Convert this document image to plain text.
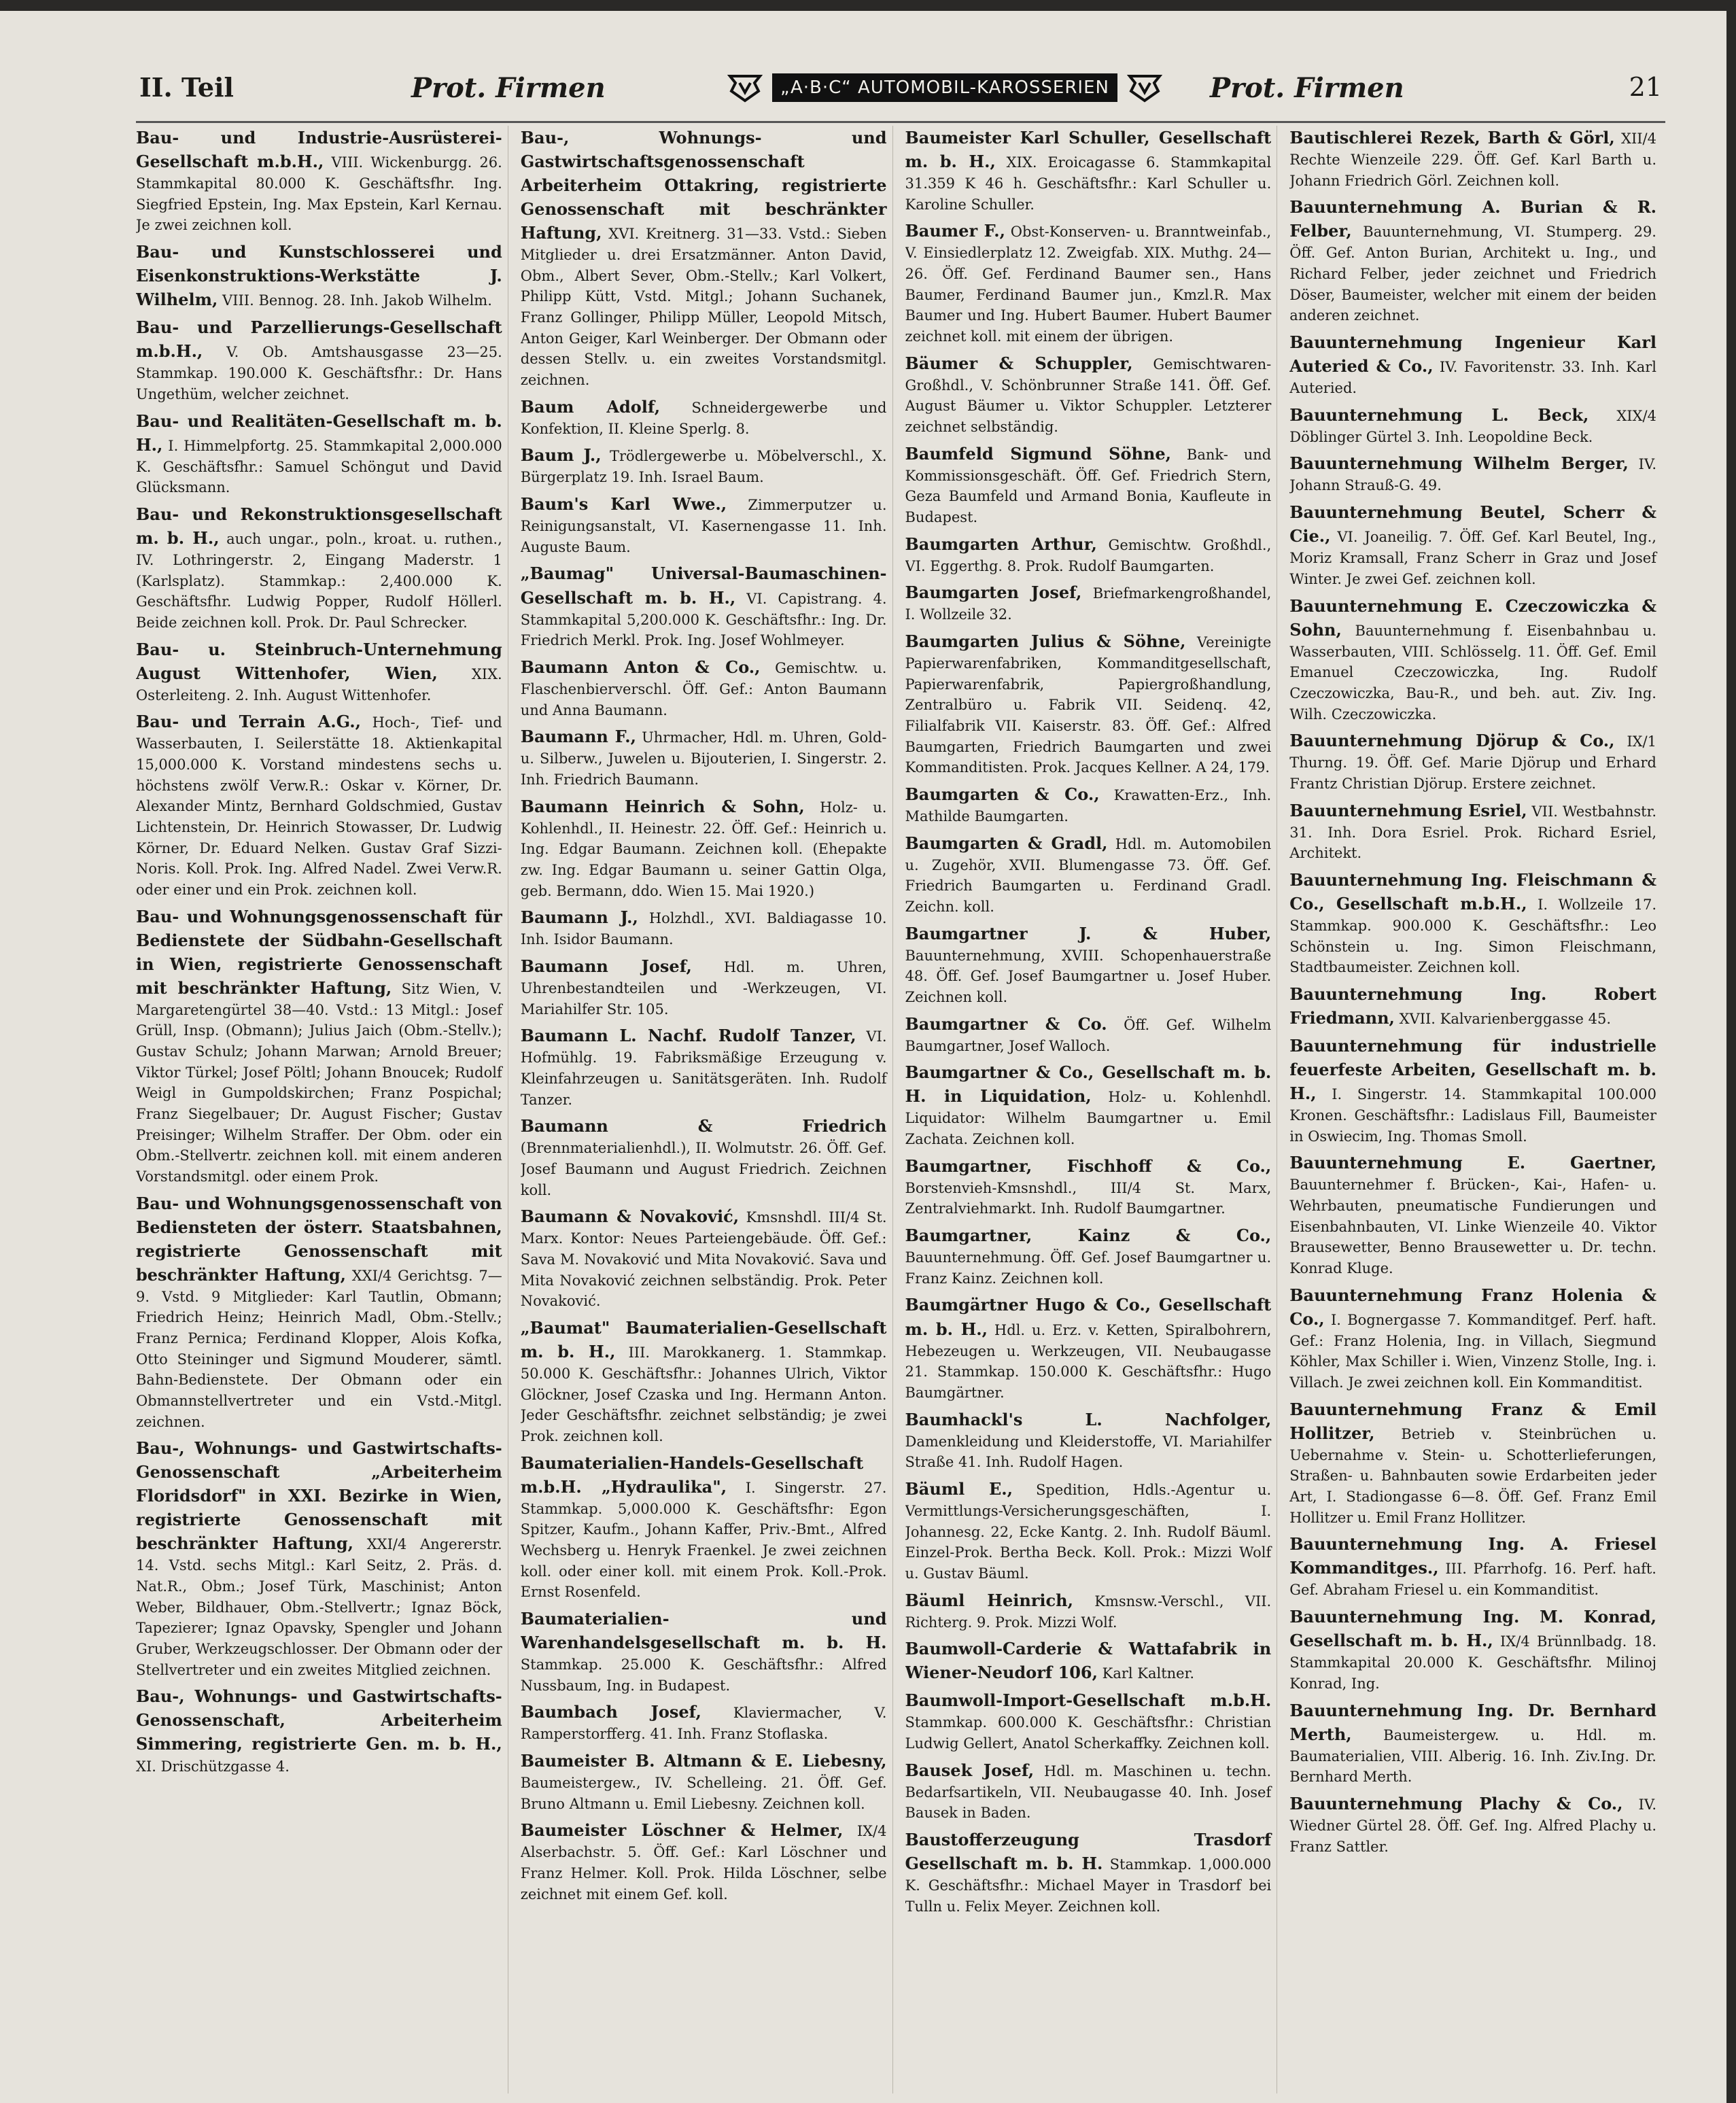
II. Teil	Prot. Firmen	„A·B·C“ AUTOMOBIL-KAROSSERIEN	Prot. Firmen	21

Bau- und Industrie-Ausrüsterei-Gesellschaft m.b.H., VIII. Wickenburgg. 26. Stammkapital 80.000 K. Geschäftsfhr. Ing. Siegfried Epstein, Ing. Max Epstein, Karl Kernau. Je zwei zeichnen koll.

Bau- und Kunstschlosserei und Eisenkonstruktions-Werkstätte J. Wilhelm, VIII. Bennog. 28. Inh. Jakob Wilhelm.

Bau- und Parzellierungs-Gesellschaft m.b.H., V. Ob. Amtshausgasse 23—25. Stammkap. 190.000 K. Geschäftsfhr.: Dr. Hans Ungethüm, welcher zeichnet.

Bau- und Realitäten-Gesellschaft m. b. H., I. Himmelpfortg. 25. Stammkapital 2,000.000 K. Geschäftsfhr.: Samuel Schöngut und David Glücksmann.

Bau- und Rekonstruktionsgesellschaft m. b. H., auch ungar., poln., kroat. u. ruthen., IV. Lothringerstr. 2, Eingang Maderstr. 1 (Karlsplatz). Stammkap.: 2,400.000 K. Geschäftsfhr. Ludwig Popper, Rudolf Höllerl. Beide zeichnen koll. Prok. Dr. Paul Schrecker.

Bau- u. Steinbruch-Unternehmung August Wittenhofer, Wien, XIX. Osterleiteng. 2. Inh. August Wittenhofer.

Bau- und Terrain A.G., Hoch-, Tief- und Wasserbauten, I. Seilerstätte 18. Aktienkapital 15,000.000 K. Vorstand mindestens sechs u. höchstens zwölf Verw.R.: Oskar v. Körner, Dr. Alexander Mintz, Bernhard Goldschmied, Gustav Lichtenstein, Dr. Heinrich Stowasser, Dr. Ludwig Körner, Dr. Eduard Nelken. Gustav Graf Sizzi-Noris. Koll. Prok. Ing. Alfred Nadel. Zwei Verw.R. oder einer und ein Prok. zeichnen koll.

Bau- und Wohnungsgenossenschaft für Bedienstete der Südbahn-Gesellschaft in Wien, registrierte Genossenschaft mit beschränkter Haftung, Sitz Wien, V. Margaretengürtel 38—40. Vstd.: 13 Mitgl.: Josef Grüll, Insp. (Obmann); Julius Jaich (Obm.-Stellv.); Gustav Schulz; Johann Marwan; Arnold Breuer; Viktor Türkel; Josef Pöltl; Johann Bnoucek; Rudolf Weigl in Gumpoldskirchen; Franz Pospichal; Franz Siegelbauer; Dr. August Fischer; Gustav Preisinger; Wilhelm Straffer. Der Obm. oder ein Obm.-Stellvertr. zeichnen koll. mit einem anderen Vorstandsmitgl. oder einem Prok.

Bau- und Wohnungsgenossenschaft von Bediensteten der österr. Staatsbahnen, registrierte Genossenschaft mit beschränkter Haftung, XXI/4 Gerichtsg. 7—9. Vstd. 9 Mitglieder: Karl Tautlin, Obmann; Friedrich Heinz; Heinrich Madl, Obm.-Stellv.; Franz Pernica; Ferdinand Klopper, Alois Kofka, Otto Steininger und Sigmund Mouderer, sämtl. Bahn-Bedienstete. Der Obmann oder ein Obmannstellvertreter und ein Vstd.-Mitgl. zeichnen.

Bau-, Wohnungs- und Gastwirtschafts-Genossenschaft „Arbeiterheim Floridsdorf" in XXI. Bezirke in Wien, registrierte Genossenschaft mit beschränkter Haftung, XXI/4 Angererstr. 14. Vstd. sechs Mitgl.: Karl Seitz, 2. Präs. d. Nat.R., Obm.; Josef Türk, Maschinist; Anton Weber, Bildhauer, Obm.-Stellvertr.; Ignaz Böck, Tapezierer; Ignaz Opavsky, Spengler und Johann Gruber, Werkzeugschlosser. Der Obmann oder der Stellvertreter und ein zweites Mitglied zeichnen.

Bau-, Wohnungs- und Gastwirtschafts-Genossenschaft, Arbeiterheim Simmering, registrierte Gen. m. b. H., XI. Drischützgasse 4.

Bau-, Wohnungs- und Gastwirtschaftsgenossenschaft Arbeiterheim Ottakring, registrierte Genossenschaft mit beschränkter Haftung, XVI. Kreitnerg. 31—33. Vstd.: Sieben Mitglieder u. drei Ersatzmänner. Anton David, Obm., Albert Sever, Obm.-Stellv.; Karl Volkert, Philipp Kütt, Vstd. Mitgl.; Johann Suchanek, Franz Gollinger, Philipp Müller, Leopold Mitsch, Anton Geiger, Karl Weinberger. Der Obmann oder dessen Stellv. u. ein zweites Vorstandsmitgl. zeichnen.

Baum Adolf, Schneidergewerbe und Konfektion, II. Kleine Sperlg. 8.

Baum J., Trödlergewerbe u. Möbelverschl., X. Bürgerplatz 19. Inh. Israel Baum.

Baum's Karl Wwe., Zimmerputzer u. Reinigungsanstalt, VI. Kasernengasse 11. Inh. Auguste Baum.

„Baumag" Universal-Baumaschinen-Gesellschaft m. b. H., VI. Capistrang. 4. Stammkapital 5,200.000 K. Geschäftsfhr.: Ing. Dr. Friedrich Merkl. Prok. Ing. Josef Wohlmeyer.

Baumann Anton & Co., Gemischtw. u. Flaschenbierverschl. Öff. Gef.: Anton Baumann und Anna Baumann.

Baumann F., Uhrmacher, Hdl. m. Uhren, Gold- u. Silberw., Juwelen u. Bijouterien, I. Singerstr. 2. Inh. Friedrich Baumann.

Baumann Heinrich & Sohn, Holz- u. Kohlenhdl., II. Heinestr. 22. Öff. Gef.: Heinrich u. Ing. Edgar Baumann. Zeichnen koll. (Ehepakte zw. Ing. Edgar Baumann u. seiner Gattin Olga, geb. Bermann, ddo. Wien 15. Mai 1920.)

Baumann J., Holzhdl., XVI. Baldiagasse 10. Inh. Isidor Baumann.

Baumann Josef, Hdl. m. Uhren, Uhrenbestandteilen und -Werkzeugen, VI. Mariahilfer Str. 105.

Baumann L. Nachf. Rudolf Tanzer, VI. Hofmühlg. 19. Fabriksmäßige Erzeugung v. Kleinfahrzeugen u. Sanitätsgeräten. Inh. Rudolf Tanzer.

Baumann & Friedrich (Brennmaterialienhdl.), II. Wolmutstr. 26. Öff. Gef. Josef Baumann und August Friedrich. Zeichnen koll.

Baumann & Novaković, Kmsnshdl. III/4 St. Marx. Kontor: Neues Parteiengebäude. Öff. Gef.: Sava M. Novaković und Mita Novaković. Sava und Mita Novaković zeichnen selbständig. Prok. Peter Novaković.

„Baumat" Baumaterialien-Gesellschaft m. b. H., III. Marokkanerg. 1. Stammkap. 50.000 K. Geschäftsfhr.: Johannes Ulrich, Viktor Glöckner, Josef Czaska und Ing. Hermann Anton. Jeder Geschäftsfhr. zeichnet selbständig; je zwei Prok. zeichnen koll.

Baumaterialien-Handels-Gesellschaft m.b.H. „Hydraulika", I. Singerstr. 27. Stammkap. 5,000.000 K. Geschäftsfhr: Egon Spitzer, Kaufm., Johann Kaffer, Priv.-Bmt., Alfred Wechsberg u. Henryk Fraenkel. Je zwei zeichnen koll. oder einer koll. mit einem Prok. Koll.-Prok. Ernst Rosenfeld.

Baumaterialien- und Warenhandelsgesellschaft m. b. H. Stammkap. 25.000 K. Geschäftsfhr.: Alfred Nussbaum, Ing. in Budapest.

Baumbach Josef, Klaviermacher, V. Ramperstorfferg. 41. Inh. Franz Stoflaska.

Baumeister B. Altmann & E. Liebesny, Baumeistergew., IV. Schelleing. 21. Öff. Gef. Bruno Altmann u. Emil Liebesny. Zeichnen koll.

Baumeister Löschner & Helmer, IX/4 Alserbachstr. 5. Öff. Gef.: Karl Löschner und Franz Helmer. Koll. Prok. Hilda Löschner, selbe zeichnet mit einem Gef. koll.

Baumeister Karl Schuller, Gesellschaft m. b. H., XIX. Eroicagasse 6. Stammkapital 31.359 K 46 h. Geschäftsfhr.: Karl Schuller u. Karoline Schuller.

Baumer F., Obst-Konserven- u. Branntweinfab., V. Einsiedlerplatz 12. Zweigfab. XIX. Muthg. 24—26. Öff. Gef. Ferdinand Baumer sen., Hans Baumer, Ferdinand Baumer jun., Kmzl.R. Max Baumer und Ing. Hubert Baumer. Hubert Baumer zeichnet koll. mit einem der übrigen.

Bäumer & Schuppler, Gemischtwaren-Großhdl., V. Schönbrunner Straße 141. Öff. Gef. August Bäumer u. Viktor Schuppler. Letzterer zeichnet selbständig.

Baumfeld Sigmund Söhne, Bank- und Kommissionsgeschäft. Öff. Gef. Friedrich Stern, Geza Baumfeld und Armand Bonia, Kaufleute in Budapest.

Baumgarten Arthur, Gemischtw. Großhdl., VI. Eggerthg. 8. Prok. Rudolf Baumgarten.

Baumgarten Josef, Briefmarkengroßhandel, I. Wollzeile 32.

Baumgarten Julius & Söhne, Vereinigte Papierwarenfabriken, Kommanditgesellschaft, Papierwarenfabrik, Papiergroßhandlung, Zentralbüro u. Fabrik VII. Seidenq. 42, Filialfabrik VII. Kaiserstr. 83. Öff. Gef.: Alfred Baumgarten, Friedrich Baumgarten und zwei Kommanditisten. Prok. Jacques Kellner. A 24, 179.

Baumgarten & Co., Krawatten-Erz., Inh. Mathilde Baumgarten.

Baumgarten & Gradl, Hdl. m. Automobilen u. Zugehör, XVII. Blumengasse 73. Öff. Gef. Friedrich Baumgarten u. Ferdinand Gradl. Zeichn. koll.

Baumgartner J. & Huber, Bauunternehmung, XVIII. Schopenhauerstraße 48. Öff. Gef. Josef Baumgartner u. Josef Huber. Zeichnen koll.

Baumgartner & Co. Öff. Gef. Wilhelm Baumgartner, Josef Walloch.

Baumgartner & Co., Gesellschaft m. b. H. in Liquidation, Holz- u. Kohlenhdl. Liquidator: Wilhelm Baumgartner u. Emil Zachata. Zeichnen koll.

Baumgartner, Fischhoff & Co., Borstenvieh-Kmsnshdl., III/4 St. Marx, Zentralviehmarkt. Inh. Rudolf Baumgartner.

Baumgartner, Kainz & Co., Bauunternehmung. Öff. Gef. Josef Baumgartner u. Franz Kainz. Zeichnen koll.

Baumgärtner Hugo & Co., Gesellschaft m. b. H., Hdl. u. Erz. v. Ketten, Spiralbohrern, Hebezeugen u. Werkzeugen, VII. Neubaugasse 21. Stammkap. 150.000 K. Geschäftsfhr.: Hugo Baumgärtner.

Baumhackl's L. Nachfolger, Damenkleidung und Kleiderstoffe, VI. Mariahilfer Straße 41. Inh. Rudolf Hagen.

Bäuml E., Spedition, Hdls.-Agentur u. Vermittlungs-Versicherungsgeschäften, I. Johannesg. 22, Ecke Kantg. 2. Inh. Rudolf Bäuml. Einzel-Prok. Bertha Beck. Koll. Prok.: Mizzi Wolf u. Gustav Bäuml.

Bäuml Heinrich, Kmsnsw.-Verschl., VII. Richterg. 9. Prok. Mizzi Wolf.

Baumwoll-Carderie & Wattafabrik in Wiener-Neudorf 106, Karl Kaltner.

Baumwoll-Import-Gesellschaft m.b.H. Stammkap. 600.000 K. Geschäftsfhr.: Christian Ludwig Gellert, Anatol Scherkaffky. Zeichnen koll.

Bausek Josef, Hdl. m. Maschinen u. techn. Bedarfsartikeln, VII. Neubaugasse 40. Inh. Josef Bausek in Baden.

Baustofferzeugung Trasdorf Gesellschaft m. b. H. Stammkap. 1,000.000 K. Geschäftsfhr.: Michael Mayer in Trasdorf bei Tulln u. Felix Meyer. Zeichnen koll.

Bautischlerei Rezek, Barth & Görl, XII/4 Rechte Wienzeile 229. Öff. Gef. Karl Barth u. Johann Friedrich Görl. Zeichnen koll.

Bauunternehmung A. Burian & R. Felber, Bauunternehmung, VI. Stumperg. 29. Öff. Gef. Anton Burian, Architekt u. Ing., und Richard Felber, jeder zeichnet und Friedrich Döser, Baumeister, welcher mit einem der beiden anderen zeichnet.

Bauunternehmung Ingenieur Karl Auteried & Co., IV. Favoritenstr. 33. Inh. Karl Auteried.

Bauunternehmung L. Beck, XIX/4 Döblinger Gürtel 3. Inh. Leopoldine Beck.

Bauunternehmung Wilhelm Berger, IV. Johann Strauß-G. 49.

Bauunternehmung Beutel, Scherr & Cie., VI. Joaneilig. 7. Öff. Gef. Karl Beutel, Ing., Moriz Kramsall, Franz Scherr in Graz und Josef Winter. Je zwei Gef. zeichnen koll.

Bauunternehmung E. Czeczowiczka & Sohn, Bauunternehmung f. Eisenbahnbau u. Wasserbauten, VIII. Schlösselg. 11. Öff. Gef. Emil Emanuel Czeczowiczka, Ing. Rudolf Czeczowiczka, Bau-R., und beh. aut. Ziv. Ing. Wilh. Czeczowiczka.

Bauunternehmung Djörup & Co., IX/1 Thurng. 19. Öff. Gef. Marie Djörup und Erhard Frantz Christian Djörup. Erstere zeichnet.

Bauunternehmung Esriel, VII. Westbahnstr. 31. Inh. Dora Esriel. Prok. Richard Esriel, Architekt.

Bauunternehmung Ing. Fleischmann & Co., Gesellschaft m.b.H., I. Wollzeile 17. Stammkap. 900.000 K. Geschäftsfhr.: Leo Schönstein u. Ing. Simon Fleischmann, Stadtbaumeister. Zeichnen koll.

Bauunternehmung Ing. Robert Friedmann, XVII. Kalvarienberggasse 45.

Bauunternehmung für industrielle feuerfeste Arbeiten, Gesellschaft m. b. H., I. Singerstr. 14. Stammkapital 100.000 Kronen. Geschäftsfhr.: Ladislaus Fill, Baumeister in Oswiecim, Ing. Thomas Smoll.

Bauunternehmung E. Gaertner, Bauunternehmer f. Brücken-, Kai-, Hafen- u. Wehrbauten, pneumatische Fundierungen und Eisenbahnbauten, VI. Linke Wienzeile 40. Viktor Brausewetter, Benno Brausewetter u. Dr. techn. Konrad Kluge.

Bauunternehmung Franz Holenia & Co., I. Bognergasse 7. Kommanditgef. Perf. haft. Gef.: Franz Holenia, Ing. in Villach, Siegmund Köhler, Max Schiller i. Wien, Vinzenz Stolle, Ing. i. Villach. Je zwei zeichnen koll. Ein Kommanditist.

Bauunternehmung Franz & Emil Hollitzer, Betrieb v. Steinbrüchen u. Uebernahme v. Stein- u. Schotterlieferungen, Straßen- u. Bahnbauten sowie Erdarbeiten jeder Art, I. Stadiongasse 6—8. Öff. Gef. Franz Emil Hollitzer u. Emil Franz Hollitzer.

Bauunternehmung Ing. A. Friesel Kommanditges., III. Pfarrhofg. 16. Perf. haft. Gef. Abraham Friesel u. ein Kommanditist.

Bauunternehmung Ing. M. Konrad, Gesellschaft m. b. H., IX/4 Brünnlbadg. 18. Stammkapital 20.000 K. Geschäftsfhr. Milinoj Konrad, Ing.

Bauunternehmung Ing. Dr. Bernhard Merth, Baumeistergew. u. Hdl. m. Baumaterialien, VIII. Alberig. 16. Inh. Ziv.Ing. Dr. Bernhard Merth.

Bauunternehmung Plachy & Co., IV. Wiedner Gürtel 28. Öff. Gef. Ing. Alfred Plachy u. Franz Sattler.
